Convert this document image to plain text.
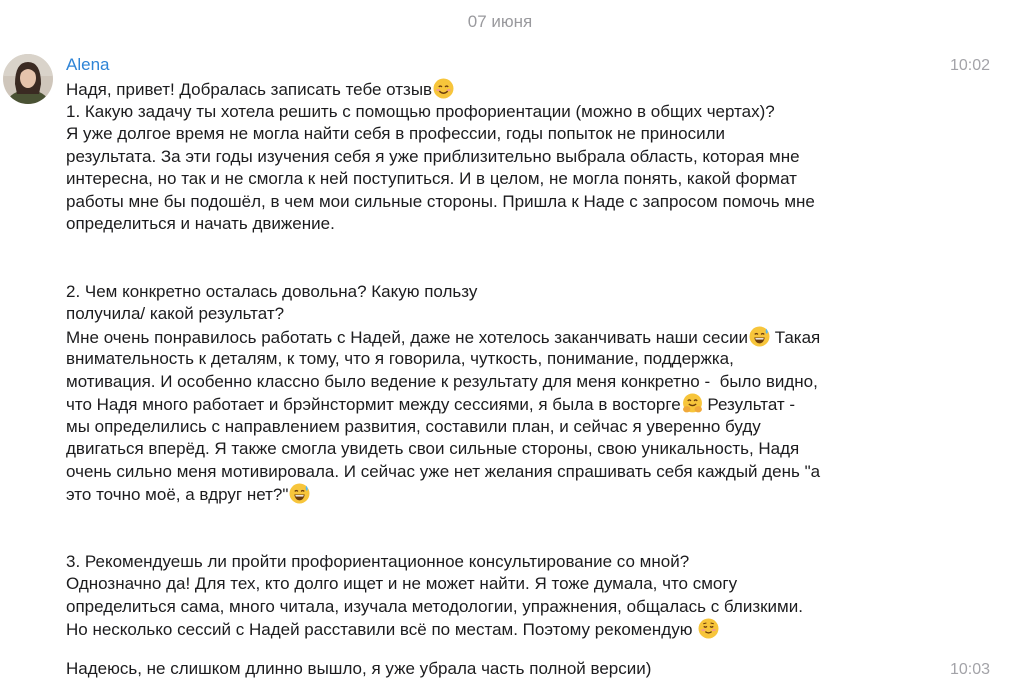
07 июня
Alena	10:02
Надя, привет! Добралась записать тебе отзыв
1. Какую задачу ты хотела решить с помощью профориентации (можно в общих чертах)?
Я уже долгое время не могла найти себя в профессии, годы попыток не приносили
результата. За эти годы изучения себя я уже приблизительно выбрала область, которая мне
интересна, но так и не смогла к ней поступиться. И в целом, не могла понять, какой формат
работы мне бы подошёл, в чем мои сильные стороны. Пришла к Наде с запросом помочь мне
определиться и начать движение.
2. Чем конкретно осталась довольна? Какую пользу
получила/ какой результат?
Мне очень понравилось работать с Надей, даже не хотелось заканчивать наши сесии
Такая
внимательность к деталям, к тому, что я говорила, чуткость, понимание, поддержка,
мотивация. И особенно классно было ведение к результату для меня конкретно -  было видно,
что Надя много работает и брэйнстормит между сессиями, я была в восторге
Результат -
мы определились с направлением развития, составили план, и сейчас я уверенно буду
двигаться вперёд. Я также смогла увидеть свои сильные стороны, свою уникальность, Надя
очень сильно меня мотивировала. И сейчас уже нет желания спрашивать себя каждый день "а
это точно моё, а вдруг нет?"
3. Рекомендуешь ли пройти профориентационное консультирование со мной?
Однозначно да! Для тех, кто долго ищет и не может найти. Я тоже думала, что смогу
определиться сама, много читала, изучала методологии, упражнения, общалась с близкими.
Но несколько сессий с Надей расставили всё по местам. Поэтому рекомендую
Надеюсь, не слишком длинно вышло, я уже убрала часть полной версии)	10:03
